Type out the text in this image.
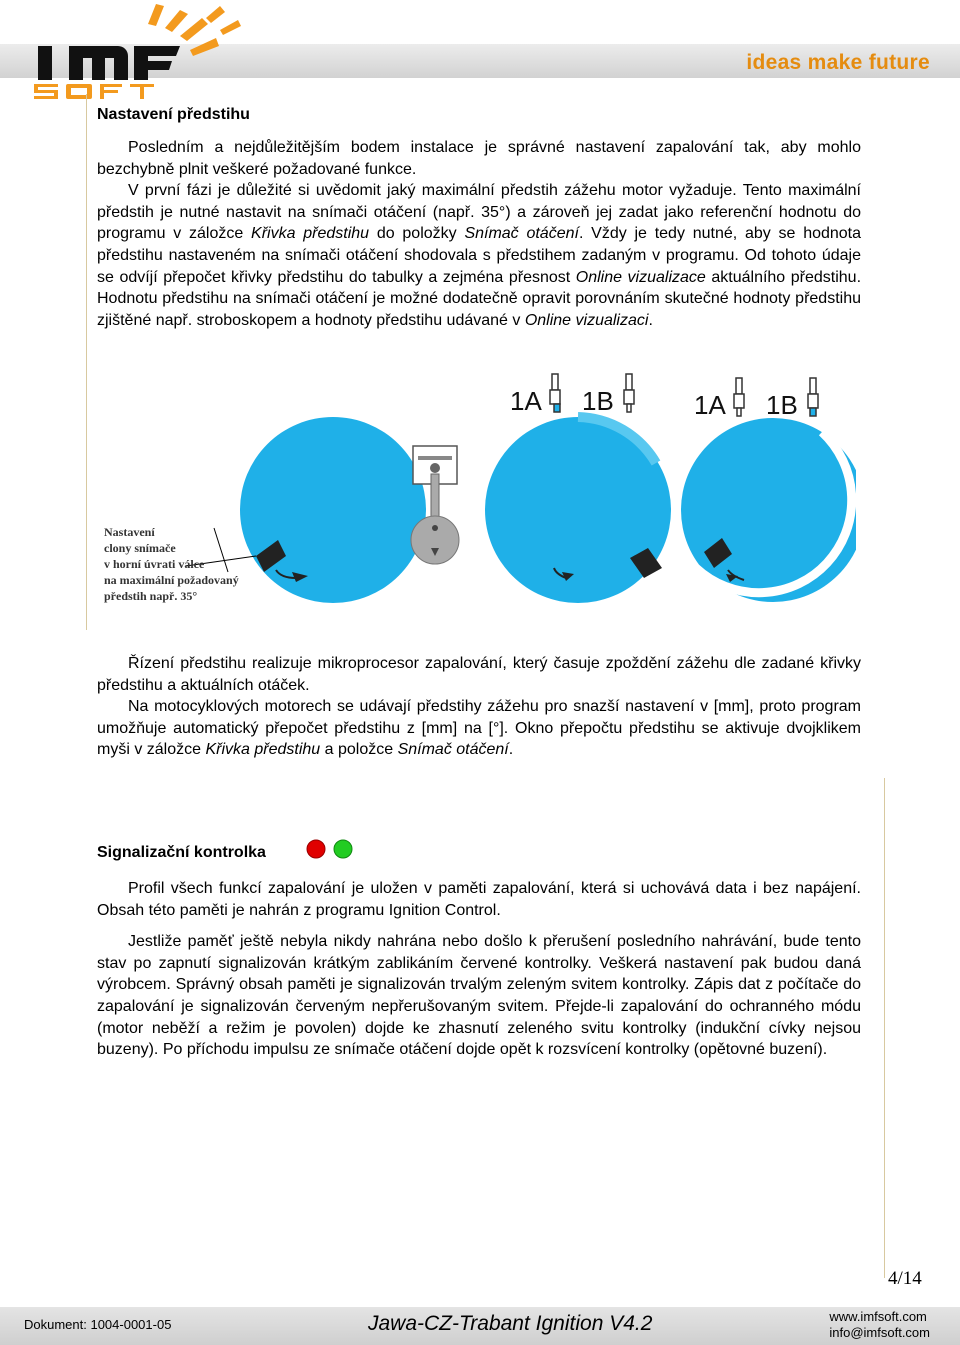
ideas make future
Nastavení předstihu

Posledním a nejdůležitějším bodem instalace je správné nastavení zapalování tak, aby mohlo bezchybně plnit veškeré požadované funkce.

V první fázi je důležité si uvědomit jaký maximální předstih zážehu motor vyžaduje. Tento maximální předstih je nutné nastavit na snímači otáčení (např. 35°) a zároveň jej zadat jako referenční hodnotu do programu v záložce Křivka předstihu do položky Snímač otáčení. Vždy je tedy nutné, aby se hodnota předstihu nastaveném na snímači otáčení shodovala s předstihem zadaným v programu. Od tohoto údaje se odvíjí přepočet křivky předstihu do tabulky a zejména přesnost Online vizualizace aktuálního předstihu. Hodnotu předstihu na snímači otáčení je možné dodatečně opravit porovnáním skutečné hodnoty předstihu zjištěné např. stroboskopem a hodnoty předstihu udávané v Online vizualizaci.

1A 1B	1A 1B
Nastavení
clony snímače
v horní úvrati válce
na maximální požadovaný
předstih např. 35°

Řízení předstihu realizuje mikroprocesor zapalování, který časuje zpoždění zážehu dle zadané křivky předstihu a aktuálních otáček.

Na motocyklových motorech se udávají předstihy zážehu pro snazší nastavení v [mm], proto program umožňuje automatický přepočet předstihu z [mm] na [°]. Okno přepočtu předstihu se aktivuje dvojklikem myši v záložce Křivka předstihu a položce Snímač otáčení.

Signalizační kontrolka

Profil všech funkcí zapalování je uložen v paměti zapalování, která si uchovává data i bez napájení. Obsah této paměti je nahrán z programu Ignition Control.

Jestliže paměť ještě nebyla nikdy nahrána nebo došlo k přerušení posledního nahrávání, bude tento stav po zapnutí signalizován krátkým zablikáním červené kontrolky. Veškerá nastavení pak budou daná výrobcem. Správný obsah paměti je signalizován trvalým zeleným svitem kontrolky. Zápis dat z počítače do zapalování je signalizován červeným nepřerušovaným svitem. Přejde-li zapalování do ochranného módu (motor neběží a režim je povolen) dojde ke zhasnutí zeleného svitu kontrolky (indukční cívky nejsou buzeny). Po příchodu impulsu ze snímače otáčení dojde opět k rozsvícení kontrolky (opětovné buzení).

4/14
Dokument: 1004-0001-05	Jawa-CZ-Trabant Ignition V4.2	www.imfsoft.com
info@imfsoft.com
